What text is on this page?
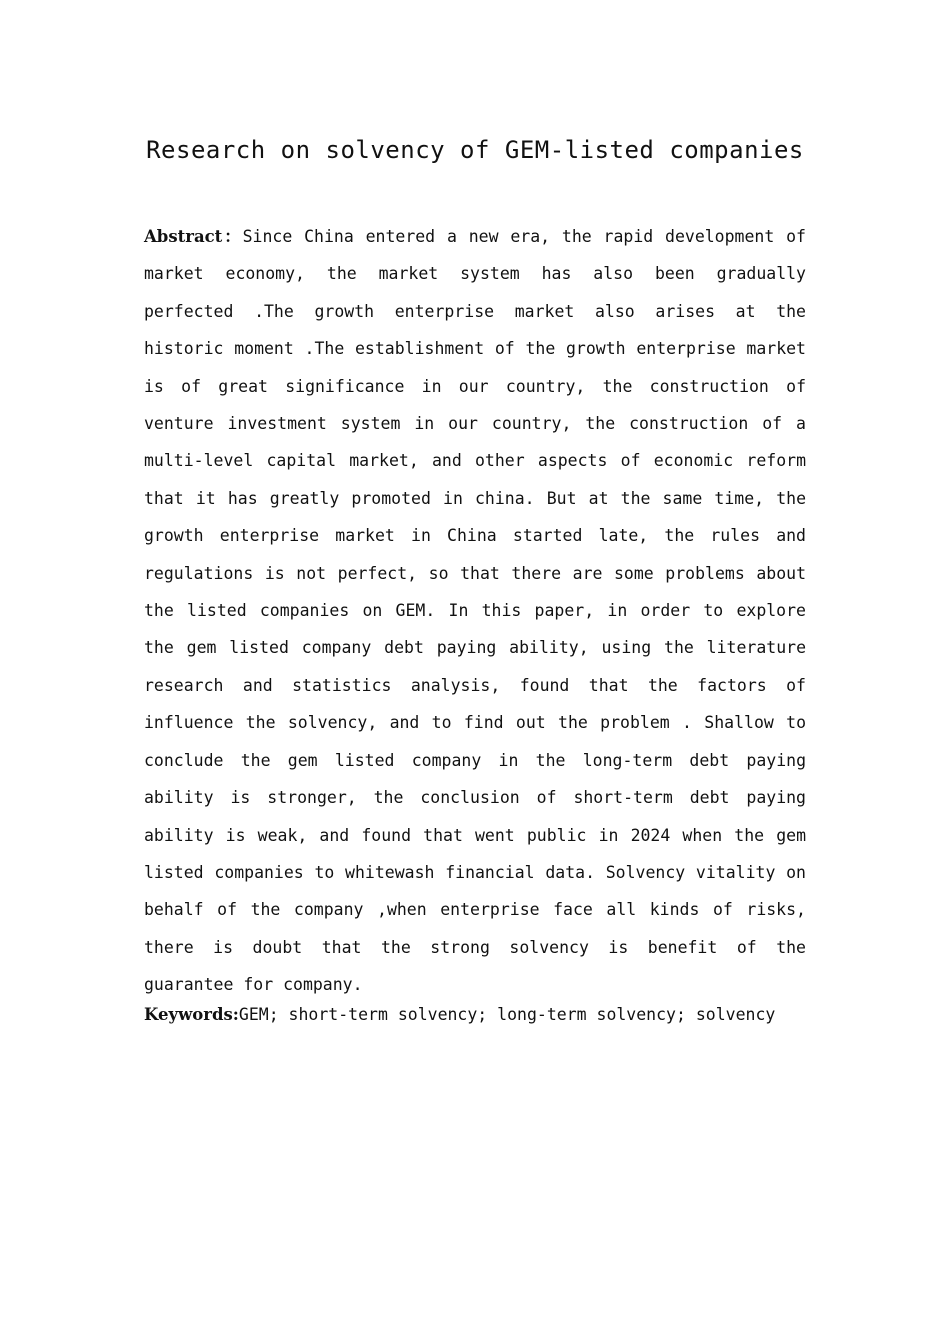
Research on solvency of GEM-listed companies

Abstract：Since China entered a new era, the rapid development of market economy, the market system has also been gradually perfected .The growth enterprise market also arises at the historic moment .The establishment of the growth enterprise market is of great significance in our country, the construction of venture investment system in our country, the construction of a multi-level capital market, and other aspects of economic reform that it has greatly promoted in china. But at the same time, the growth enterprise market in China started late, the rules and regulations is not perfect, so that there are some problems about the listed companies on GEM. In this paper, in order to explore the gem listed company debt paying ability, using the literature research and statistics analysis, found that the factors of influence the solvency, and to find out the problem . Shallow to conclude the gem listed company in the long-term debt paying ability is stronger, the conclusion of short-term debt paying ability is weak, and found that went public in 2024 when the gem listed companies to whitewash financial data. Solvency vitality on behalf of the company ,when enterprise face all kinds of risks, there is doubt that the strong solvency is benefit of the guarantee for company.

Keywords:GEM; short-term solvency; long-term solvency; solvency
